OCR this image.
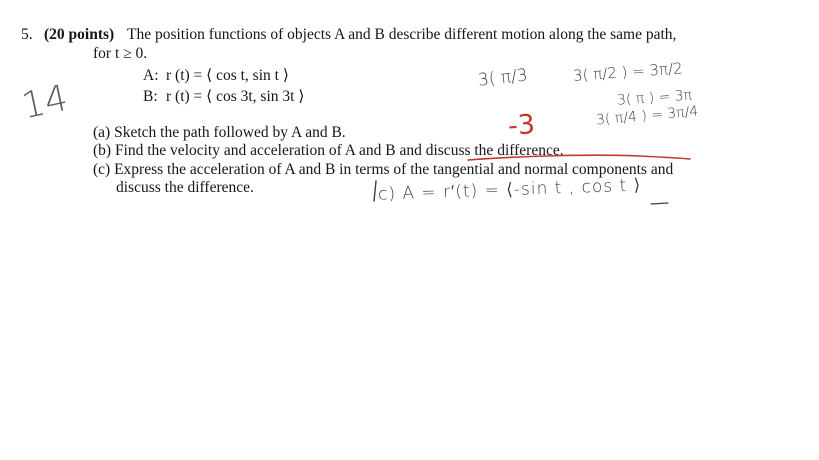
5. (20 points) The position functions of objects A and B describe different motion along the same path,
for t ≥ 0.
A: r (t) = ⟨ cos t, sin t ⟩
B: r (t) = ⟨ cos 3t, sin 3t ⟩
(a) Sketch the path followed by A and B.
(b) Find the velocity and acceleration of A and B and discuss the difference.
(c) Express the acceleration of A and B in terms of the tangential and normal components and
discuss the difference.
14	-3
3( π/3	3( π/2 ) = 3π/2
3( π ) = 3π
3( π/4 ) = 3π/4
c) A = r′(t) = ⟨-sin t , cos t ⟩
